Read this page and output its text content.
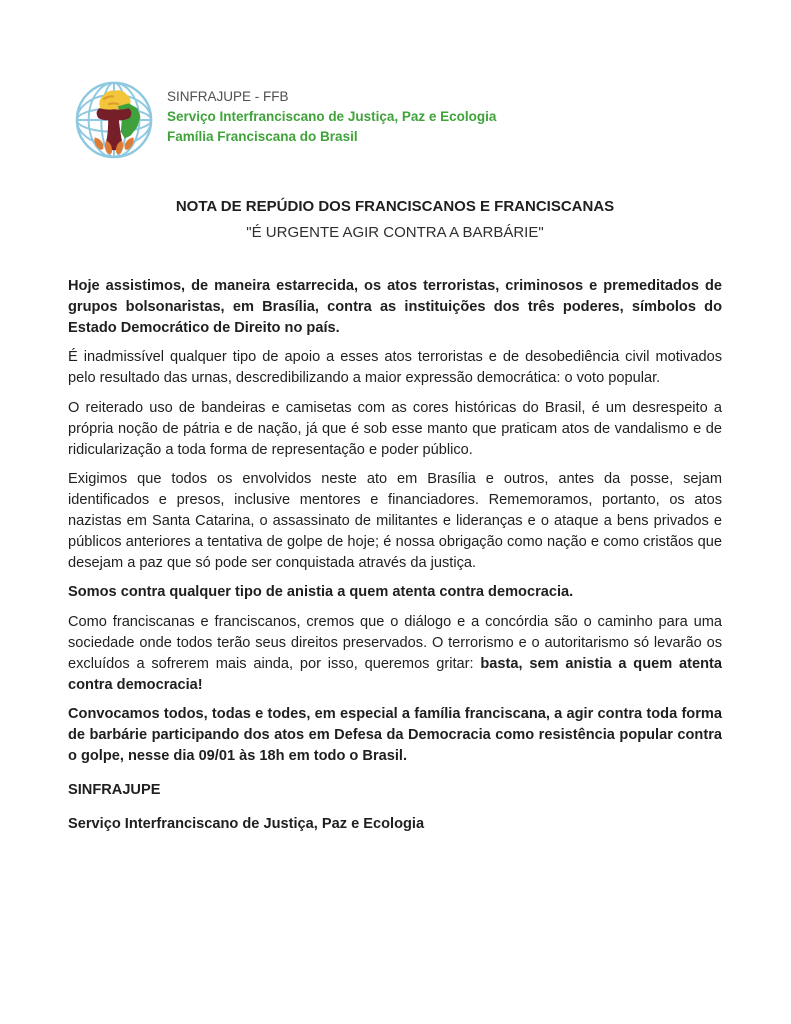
SINFRAJUPE - FFB
Serviço Interfranciscano de Justiça, Paz e Ecologia
Família Franciscana do Brasil
NOTA DE REPÚDIO DOS FRANCISCANOS E FRANCISCANAS
"É URGENTE AGIR CONTRA A BARBÁRIE"

Hoje assistimos, de maneira estarrecida, os atos terroristas, criminosos e premeditados de grupos bolsonaristas, em Brasília, contra as instituições dos três poderes, símbolos do Estado Democrático de Direito no país.

É inadmissível qualquer tipo de apoio a esses atos terroristas e de desobediência civil motivados pelo resultado das urnas, descredibilizando a maior expressão democrática: o voto popular.

O reiterado uso de bandeiras e camisetas com as cores históricas do Brasil, é um desrespeito a própria noção de pátria e de nação, já que é sob esse manto que praticam atos de vandalismo e de ridicularização a toda forma de representação e poder público.

Exigimos que todos os envolvidos neste ato em Brasília e outros, antes da posse, sejam identificados e presos, inclusive mentores e financiadores. Rememoramos, portanto, os atos nazistas em Santa Catarina, o assassinato de militantes e lideranças e o ataque a bens privados e públicos anteriores a tentativa de golpe de hoje; é nossa obrigação como nação e como cristãos que desejam a paz que só pode ser conquistada através da justiça.

Somos contra qualquer tipo de anistia a quem atenta contra democracia.

Como franciscanas e franciscanos, cremos que o diálogo e a concórdia são o caminho para uma sociedade onde todos terão seus direitos preservados. O terrorismo e o autoritarismo só levarão os excluídos a sofrerem mais ainda, por isso, queremos gritar: basta, sem anistia a quem atenta contra democracia!

Convocamos todos, todas e todes, em especial a família franciscana, a agir contra toda forma de barbárie participando dos atos em Defesa da Democracia como resistência popular contra o golpe, nesse dia 09/01 às 18h em todo o Brasil.

SINFRAJUPE

Serviço Interfranciscano de Justiça, Paz e Ecologia
